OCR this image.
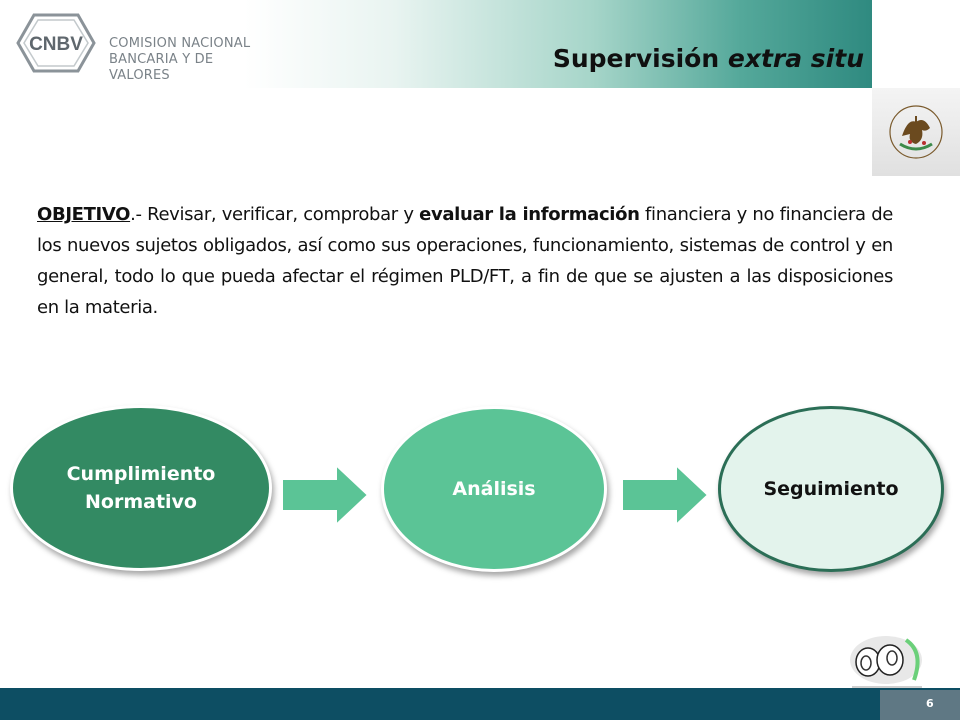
CNBV COMISION NACIONAL
BANCARIA Y DE VALORES
Supervisión extra situ
OBJETIVO.- Revisar, verificar, comprobar y evaluar la información financiera y no financiera de los nuevos sujetos obligados, así como sus operaciones, funcionamiento, sistemas de control y en general, todo lo que pueda afectar el régimen PLD/FT, a fin de que se ajusten a las disposiciones en la materia.
Cumplimiento
Normativo
Análisis	Seguimiento
6
